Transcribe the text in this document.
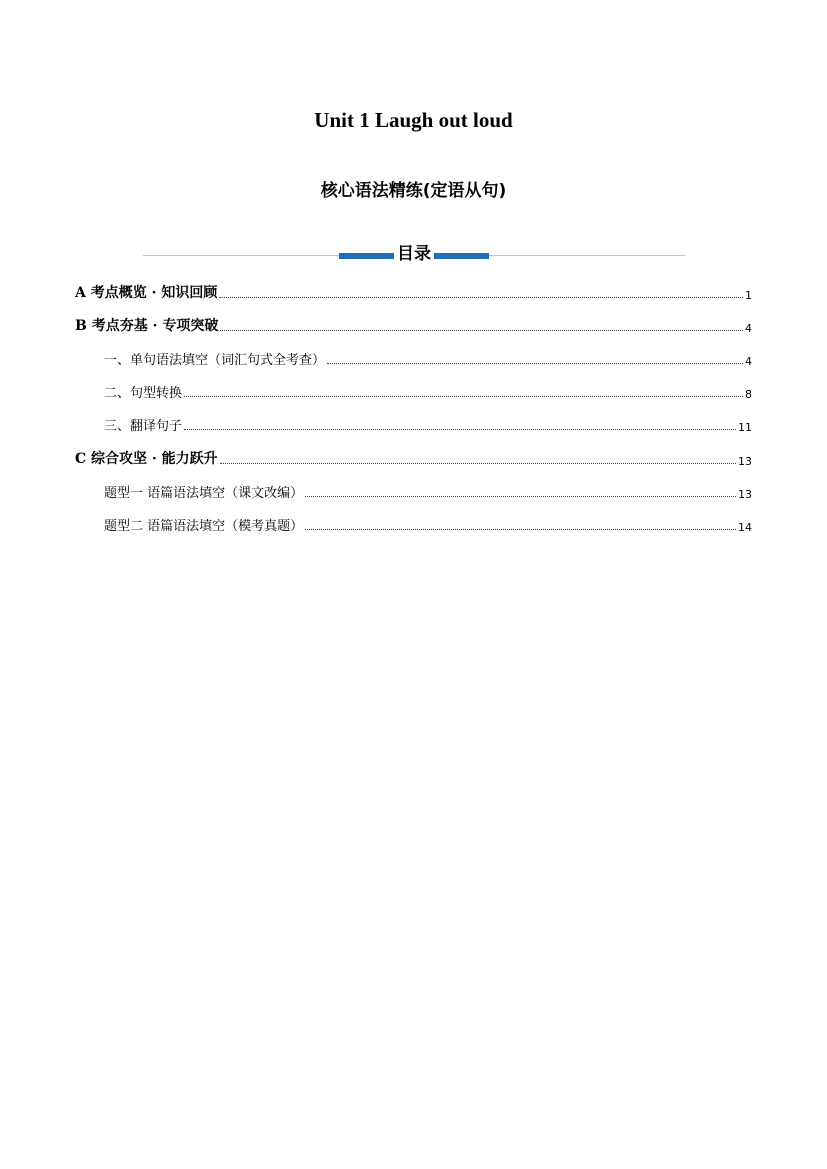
Unit 1 Laugh out loud
核心语法精练(定语从句)
目录
A 考点概览 · 知识回顾	1
B 考点夯基 · 专项突破	4
一、单句语法填空（词汇句式全考查）	4
二、句型转换	8
三、翻译句子	11
C 综合攻坚 · 能力跃升	13
题型一 语篇语法填空（课文改编）	13
题型二 语篇语法填空（模考真题）	14
